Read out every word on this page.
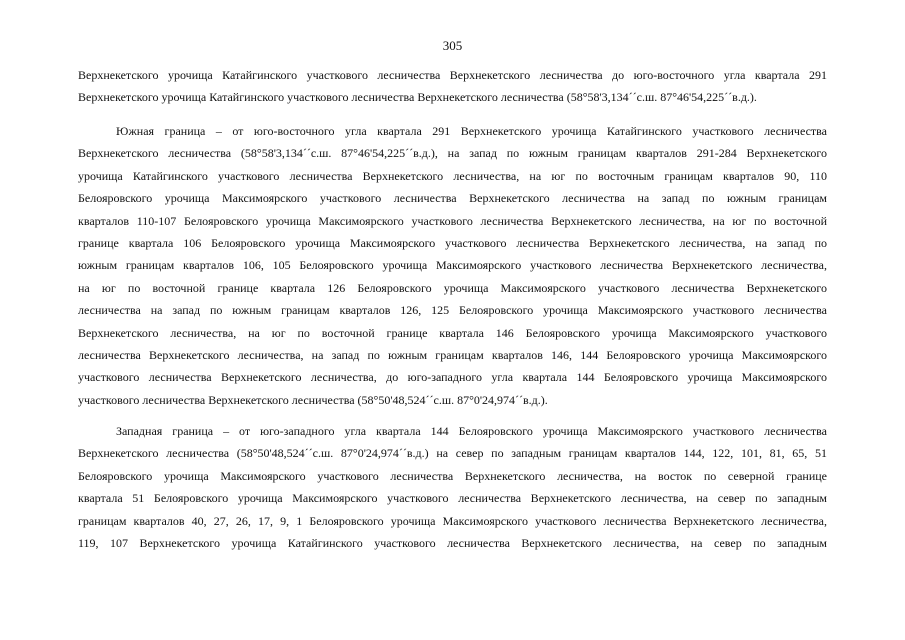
305
Верхнекетского урочища Катайгинского участкового лесничества Верхнекетского лесничества до юго-восточного угла квартала 291
Верхнекетского урочища Катайгинского участкового лесничества Верхнекетского лесничества (58°58'3,134´´с.ш. 87°46'54,225´´в.д.).
Южная граница – от юго-восточного угла квартала 291 Верхнекетского урочища Катайгинского участкового лесничества
Верхнекетского лесничества (58°58'3,134´´с.ш. 87°46'54,225´´в.д.), на запад по южным границам кварталов 291-284 Верхнекетского
урочища Катайгинского участкового лесничества Верхнекетского лесничества, на юг по восточным границам кварталов 90, 110
Белояровского урочища Максимоярского участкового лесничества Верхнекетского лесничества на запад по южным границам
кварталов 110-107 Белояровского урочища Максимоярского участкового лесничества Верхнекетского лесничества, на юг по восточной
границе квартала 106 Белояровского урочища Максимоярского участкового лесничества Верхнекетского лесничества, на запад по
южным границам кварталов 106, 105 Белояровского урочища Максимоярского участкового лесничества Верхнекетского лесничества,
на юг по восточной границе квартала 126 Белояровского урочища Максимоярского участкового лесничества Верхнекетского
лесничества на запад по южным границам кварталов 126, 125 Белояровского урочища Максимоярского участкового лесничества
Верхнекетского лесничества, на юг по восточной границе квартала 146 Белояровского урочища Максимоярского участкового
лесничества Верхнекетского лесничества, на запад по южным границам кварталов 146, 144 Белояровского урочища Максимоярского
участкового лесничества Верхнекетского лесничества, до юго-западного угла квартала 144 Белояровского урочища Максимоярского
участкового лесничества Верхнекетского лесничества (58°50'48,524´´с.ш. 87°0'24,974´´в.д.).
Западная граница – от юго-западного угла квартала 144 Белояровского урочища Максимоярского участкового лесничества
Верхнекетского лесничества (58°50'48,524´´с.ш. 87°0'24,974´´в.д.) на север по западным границам кварталов 144, 122, 101, 81, 65, 51
Белояровского урочища Максимоярского участкового лесничества Верхнекетского лесничества, на восток по северной границе
квартала 51 Белояровского урочища Максимоярского участкового лесничества Верхнекетского лесничества, на север по западным
границам кварталов 40, 27, 26, 17, 9, 1 Белояровского урочища Максимоярского участкового лесничества Верхнекетского лесничества,
119, 107 Верхнекетского урочища Катайгинского участкового лесничества Верхнекетского лесничества, на север по западным
